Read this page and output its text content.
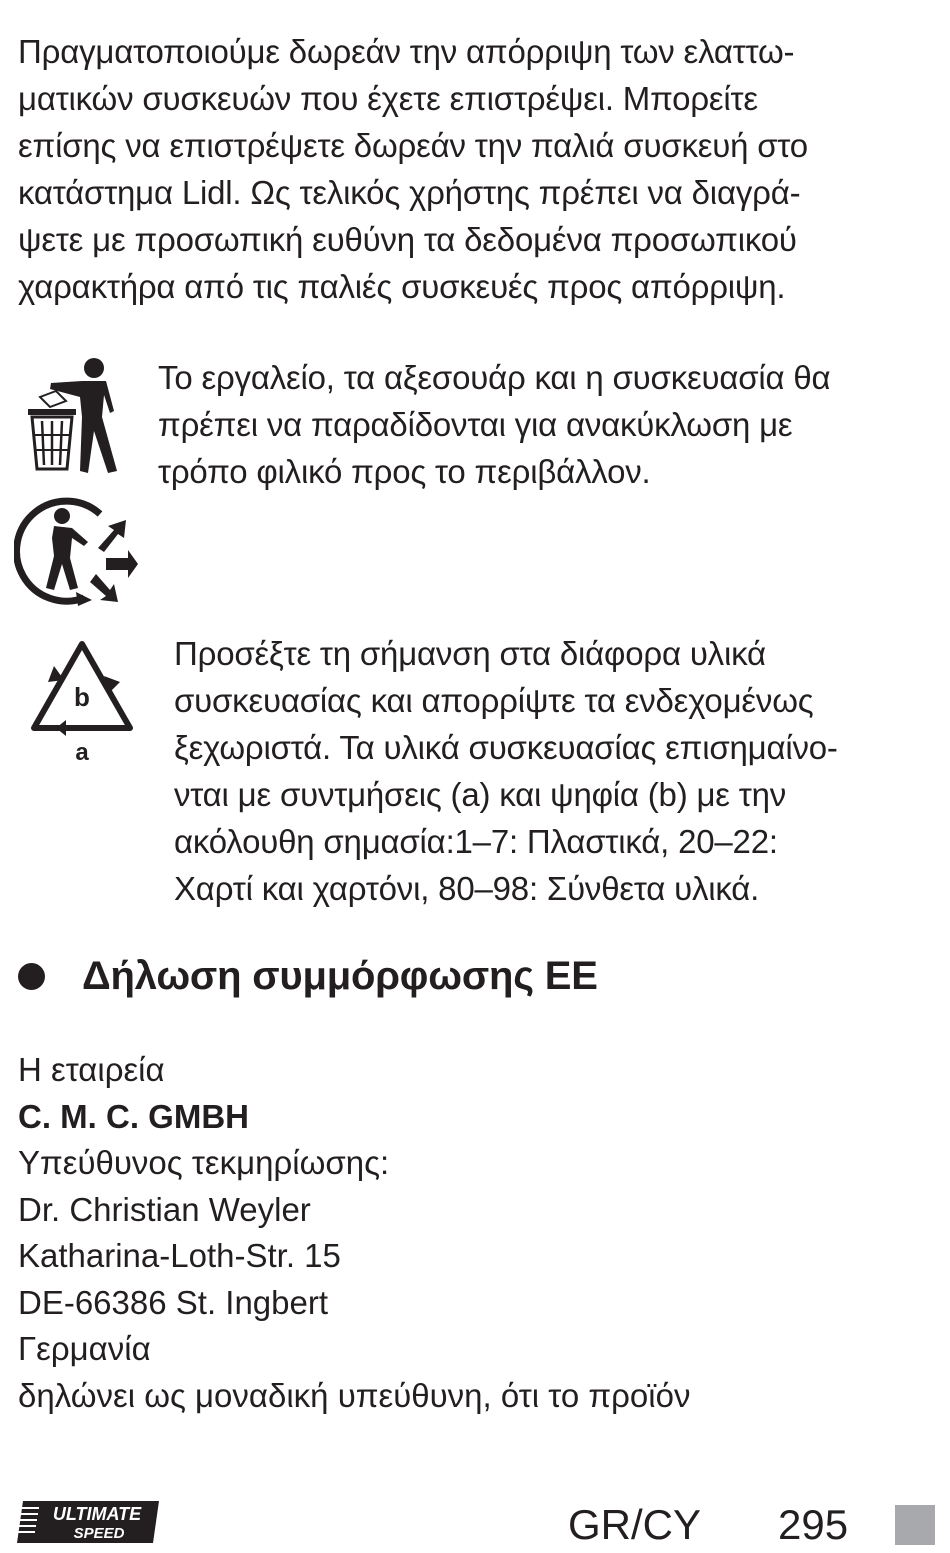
Πραγματοποιούμε δωρεάν την απόρριψη των ελαττω-
ματικών συσκευών που έχετε επιστρέψει. Μπορείτε
επίσης να επιστρέψετε δωρεάν την παλιά συσκευή στο
κατάστημα Lidl. Ως τελικός χρήστης πρέπει να διαγρά-
ψετε με προσωπική ευθύνη τα δεδομένα προσωπικού
χαρακτήρα από τις παλιές συσκευές προς απόρριψη.

Το εργαλείο, τα αξεσουάρ και η συσκευασία θα
πρέπει να παραδίδονται για ανακύκλωση με
τρόπο φιλικό προς το περιβάλλον.

b
a

Προσέξτε τη σήμανση στα διάφορα υλικά
συσκευασίας και απορρίψτε τα ενδεχομένως
ξεχωριστά. Τα υλικά συσκευασίας επισημαίνο-
νται με συντμήσεις (a) και ψηφία (b) με την
ακόλουθη σημασία:1–7: Πλαστικά, 20–22:
Χαρτί και χαρτόνι, 80–98: Σύνθετα υλικά.

Δήλωση συμμόρφωσης ΕΕ

Η εταιρεία
C. M. C. GMBH
Υπεύθυνος τεκμηρίωσης:
Dr. Christian Weyler
Katharina-Loth-Str. 15
DE-66386 St. Ingbert
Γερμανία
δηλώνει ως μοναδική υπεύθυνη, ότι το προϊόν

ULTIMATE
SPEED	GR/CY 295
